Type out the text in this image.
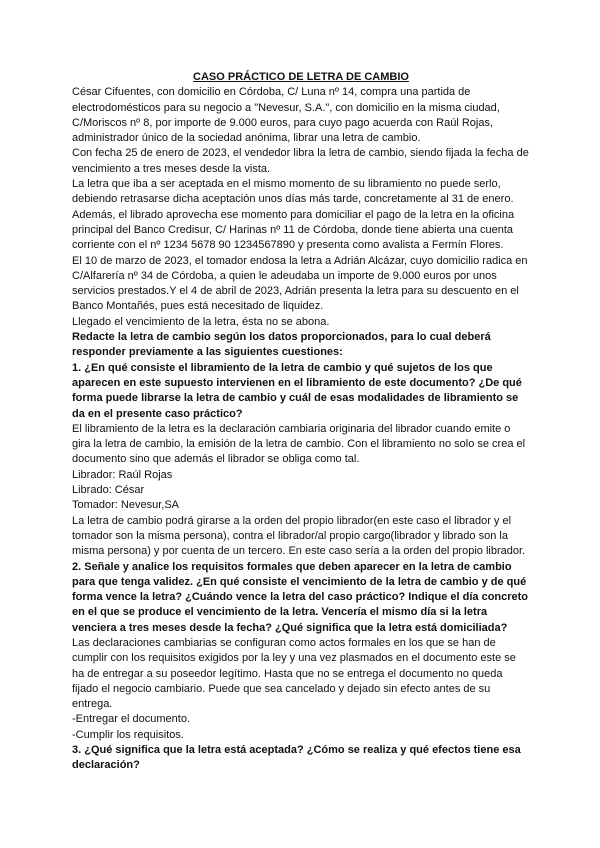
CASO PRÁCTICO DE LETRA DE CAMBIO

César Cifuentes, con domicilio en Córdoba, C/ Luna nº 14, compra una partida de electrodomésticos para su negocio a "Nevesur, S.A.", con domicilio en la misma ciudad, C/Moriscos nº 8, por importe de 9.000 euros, para cuyo pago acuerda con Raúl Rojas, administrador único de la sociedad anónima, librar una letra de cambio.

Con fecha 25 de enero de 2023, el vendedor libra la letra de cambio, siendo fijada la fecha de vencimiento a tres meses desde la vista.

La letra que iba a ser aceptada en el mismo momento de su libramiento no puede serlo, debiendo retrasarse dicha aceptación unos días más tarde, concretamente al 31 de enero. Además, el librado aprovecha ese momento para domiciliar el pago de la letra en la oficina principal del Banco Credisur, C/ Harinas nº 11 de Córdoba, donde tiene abierta una cuenta corriente con el nº 1234 5678 90 1234567890 y presenta como avalista a Fermín Flores.

El 10 de marzo de 2023, el tomador endosa la letra a Adrián Alcázar, cuyo domicilio radica en C/Alfarería nº 34 de Córdoba, a quien le adeudaba un importe de 9.000 euros por unos servicios prestados.Y el 4 de abril de 2023, Adrián presenta la letra para su descuento en el Banco Montañés, pues está necesitado de liquidez.

Llegado el vencimiento de la letra, ésta no se abona.

Redacte la letra de cambio según los datos proporcionados, para lo cual deberá responder previamente a las siguientes cuestiones:

1. ¿En qué consiste el libramiento de la letra de cambio y qué sujetos de los que aparecen en este supuesto intervienen en el libramiento de este documento? ¿De qué forma puede librarse la letra de cambio y cuál de esas modalidades de libramiento se da en el presente caso práctico?

El libramiento de la letra es la declaración cambiaria originaria del librador cuando emite o gira la letra de cambio, la emisión de la letra de cambio. Con el libramiento no solo se crea el documento sino que además el librador se obliga como tal.

Librador: Raúl Rojas

Librado: César

Tomador: Nevesur,SA

La letra de cambio podrá girarse a la orden del propio librador(en este caso el librador y el tomador son la misma persona), contra el librador/al propio cargo(librador y librado son la misma persona) y por cuenta de un tercero. En este caso sería a la orden del propio librador.

2. Señale y analice los requisitos formales que deben aparecer en la letra de cambio para que tenga validez. ¿En qué consiste el vencimiento de la letra de cambio y de qué forma vence la letra? ¿Cuándo vence la letra del caso práctico? Indique el día concreto en el que se produce el vencimiento de la letra. Vencería el mismo día si la letra venciera a tres meses desde la fecha? ¿Qué significa que la letra está domiciliada?

Las declaraciones cambiarias se configuran como actos formales en los que se han de cumplir con los requisitos exigidos por la ley y una vez plasmados en el documento este se ha de entregar a su poseedor legítimo. Hasta que no se entrega el documento no queda fijado el negocio cambiario. Puede que sea cancelado y dejado sin efecto antes de su entrega.

-Entregar el documento.

-Cumplir los requisitos.

3. ¿Qué significa que la letra está aceptada? ¿Cómo se realiza y qué efectos tiene esa declaración?
